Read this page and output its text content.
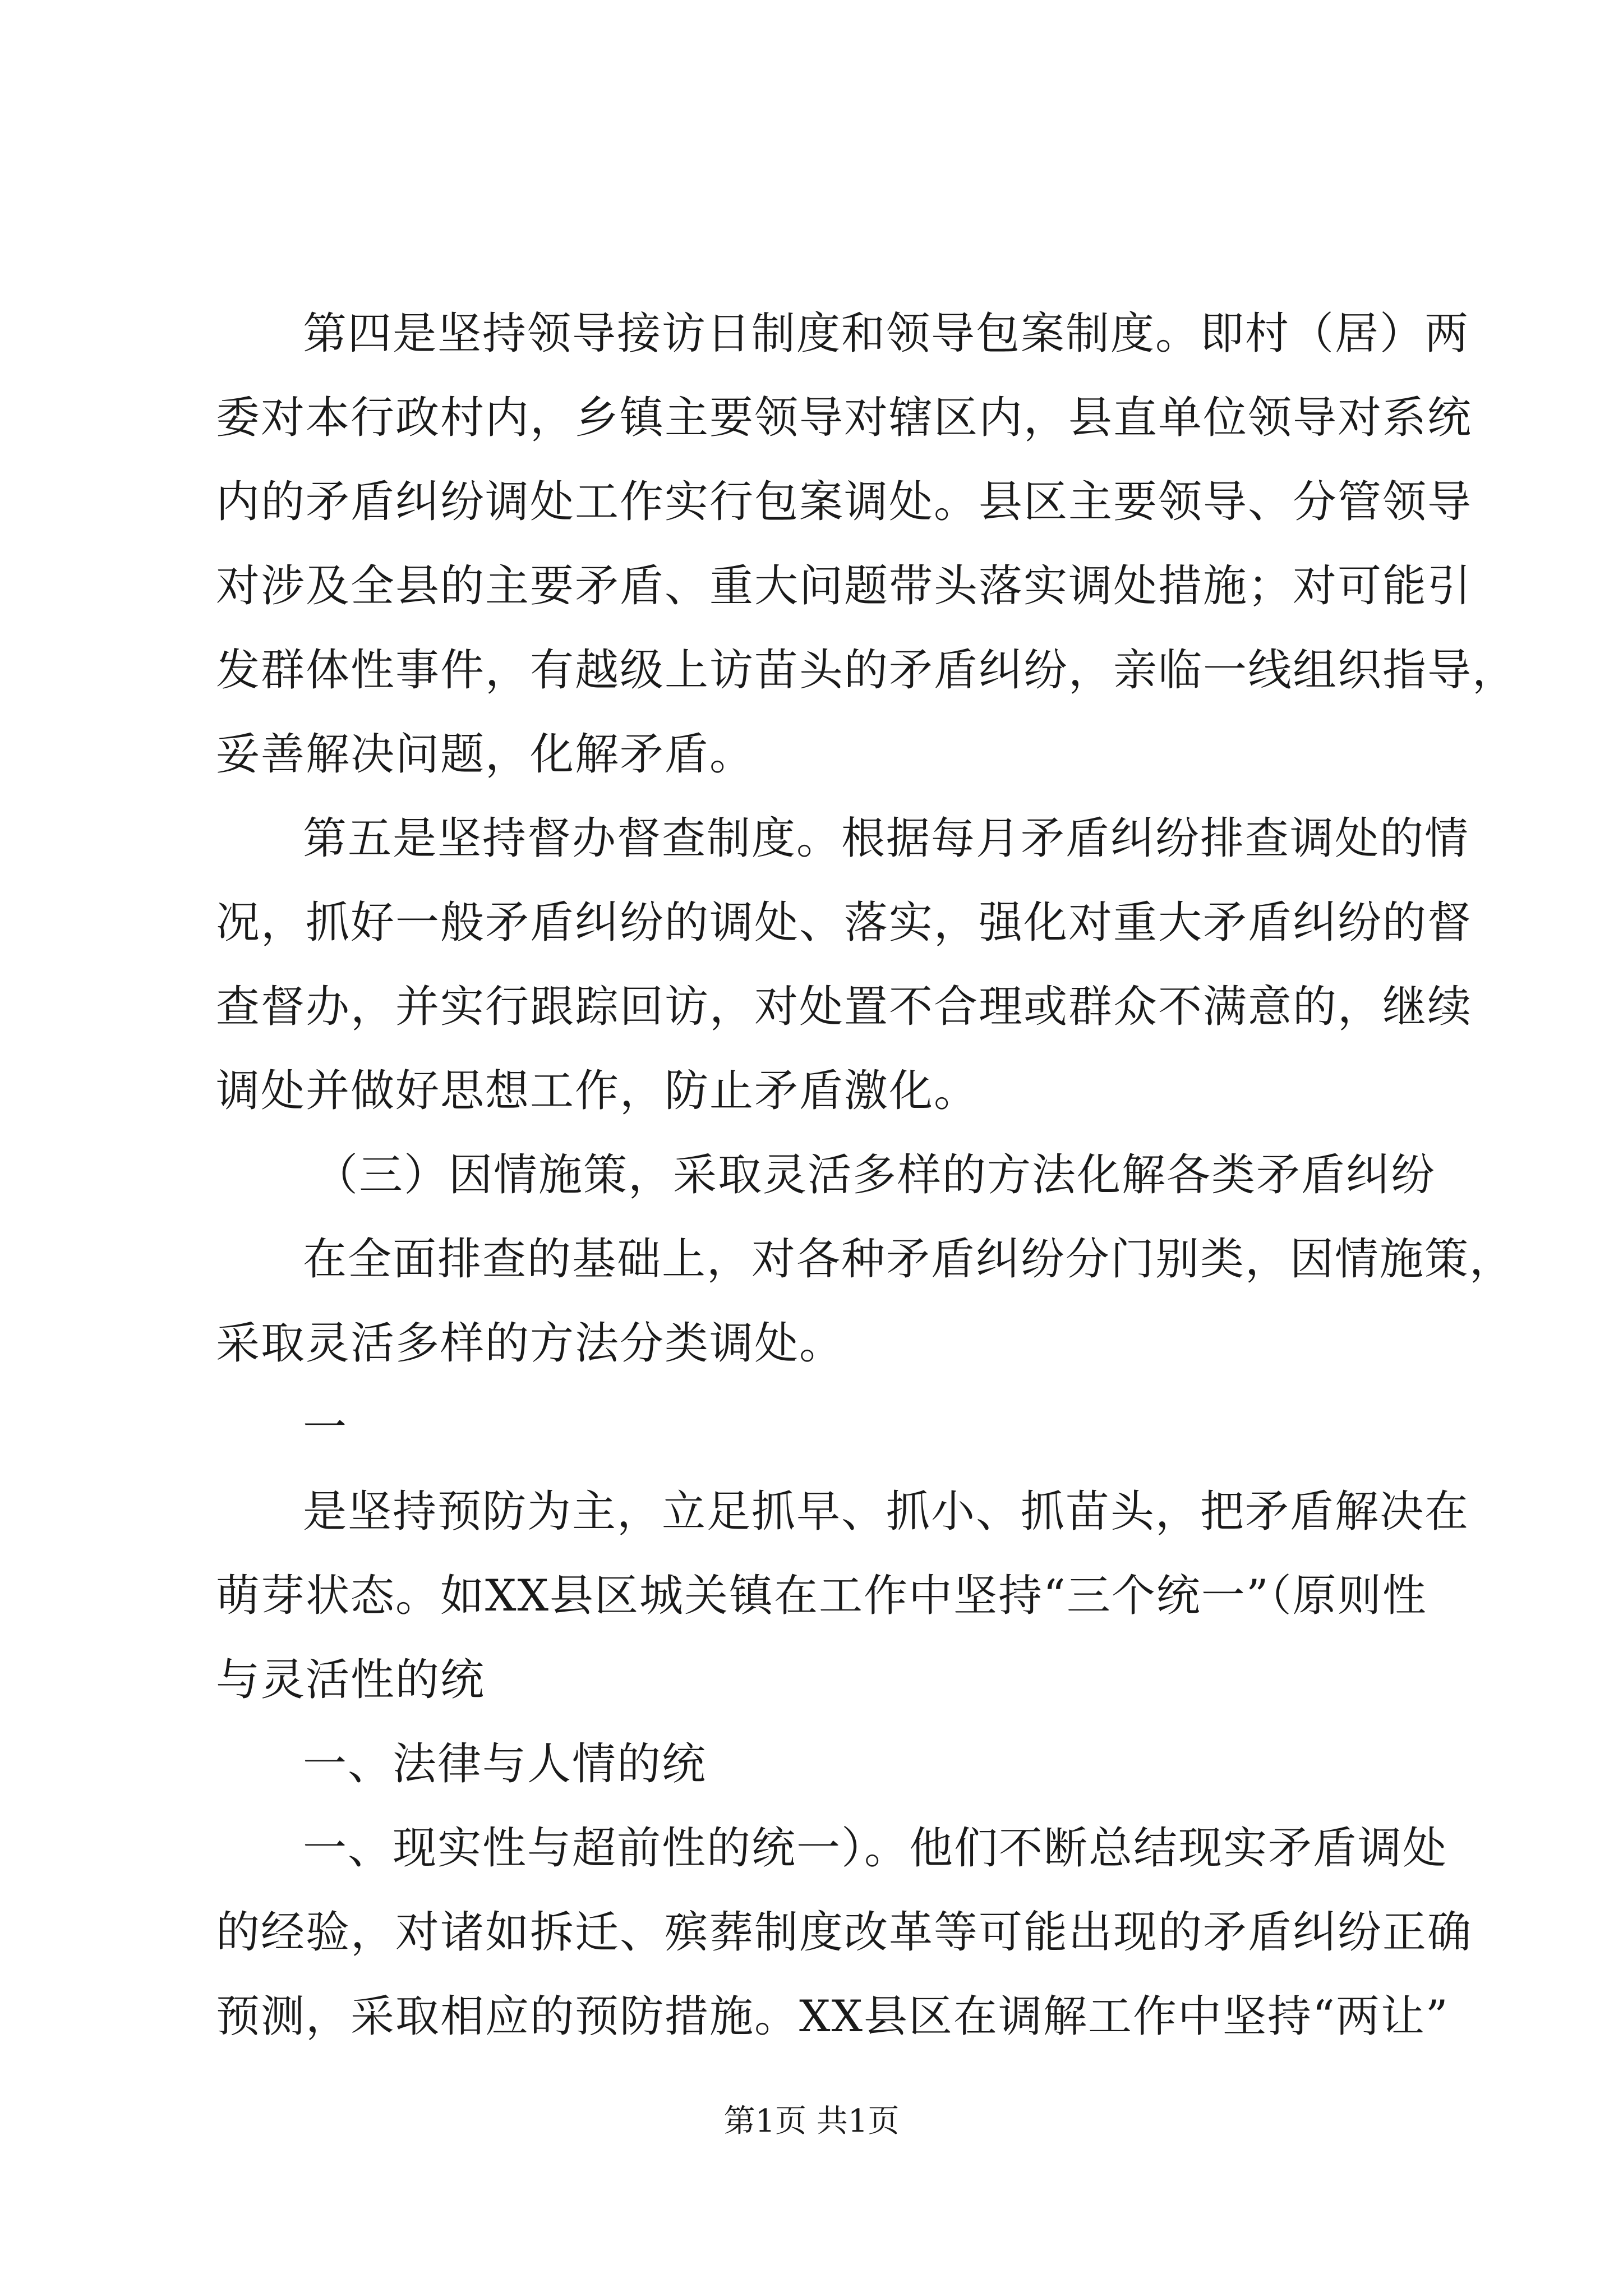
第四是坚持领导接访日制度和领导包案制度。即村（居）两
委对本行政村内，乡镇主要领导对辖区内，县直单位领导对系统
内的矛盾纠纷调处工作实行包案调处。县区主要领导、分管领导
对涉及全县的主要矛盾、重大问题带头落实调处措施；对可能引
发群体性事件，有越级上访苗头的矛盾纠纷，亲临一线组织指导，
妥善解决问题，化解矛盾。
第五是坚持督办督查制度。根据每月矛盾纠纷排查调处的情
况，抓好一般矛盾纠纷的调处、落实，强化对重大矛盾纠纷的督
查督办，并实行跟踪回访，对处置不合理或群众不满意的，继续
调处并做好思想工作，防止矛盾激化。
（三）因情施策，采取灵活多样的方法化解各类矛盾纠纷
在全面排查的基础上，对各种矛盾纠纷分门别类，因情施策，
采取灵活多样的方法分类调处。
一
是坚持预防为主，立足抓早、抓小、抓苗头，把矛盾解决在
萌芽状态。如XX县区城关镇在工作中坚持“三个统一”（原则性
与灵活性的统
一、法律与人情的统
一、现实性与超前性的统一）。他们不断总结现实矛盾调处
的经验，对诸如拆迁、殡葬制度改革等可能出现的矛盾纠纷正确
预测，采取相应的预防措施。XX县区在调解工作中坚持“两让”
第1页 共1页
